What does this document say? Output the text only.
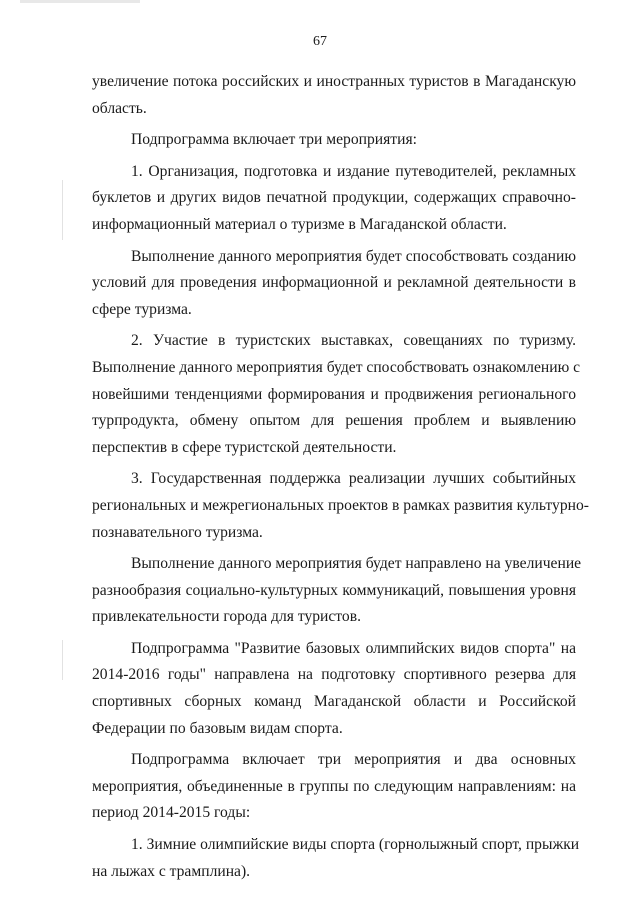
67
увеличение потока российских и иностранных туристов в Магаданскую
область.
Подпрограмма включает три мероприятия:
1. Организация, подготовка и издание путеводителей, рекламных
буклетов и других видов печатной продукции, содержащих справочно-
информационный материал о туризме в Магаданской области.
Выполнение данного мероприятия будет способствовать созданию
условий для проведения информационной и рекламной деятельности в
сфере туризма.
2. Участие в туристских выставках, совещаниях по туризму.
Выполнение данного мероприятия будет способствовать ознакомлению с
новейшими тенденциями формирования и продвижения регионального
турпродукта, обмену опытом для решения проблем и выявлению
перспектив в сфере туристской деятельности.
3. Государственная поддержка реализации лучших событийных
региональных и межрегиональных проектов в рамках развития культурно-
познавательного туризма.
Выполнение данного мероприятия будет направлено на увеличение
разнообразия социально-культурных коммуникаций, повышения уровня
привлекательности города для туристов.
Подпрограмма "Развитие базовых олимпийских видов спорта" на
2014-2016 годы" направлена на подготовку спортивного резерва для
спортивных сборных команд Магаданской области и Российской
Федерации по базовым видам спорта.
Подпрограмма включает три мероприятия и два основных
мероприятия, объединенные в группы по следующим направлениям: на
период 2014-2015 годы:
1. Зимние олимпийские виды спорта (горнолыжный спорт, прыжки
на лыжах с трамплина).
